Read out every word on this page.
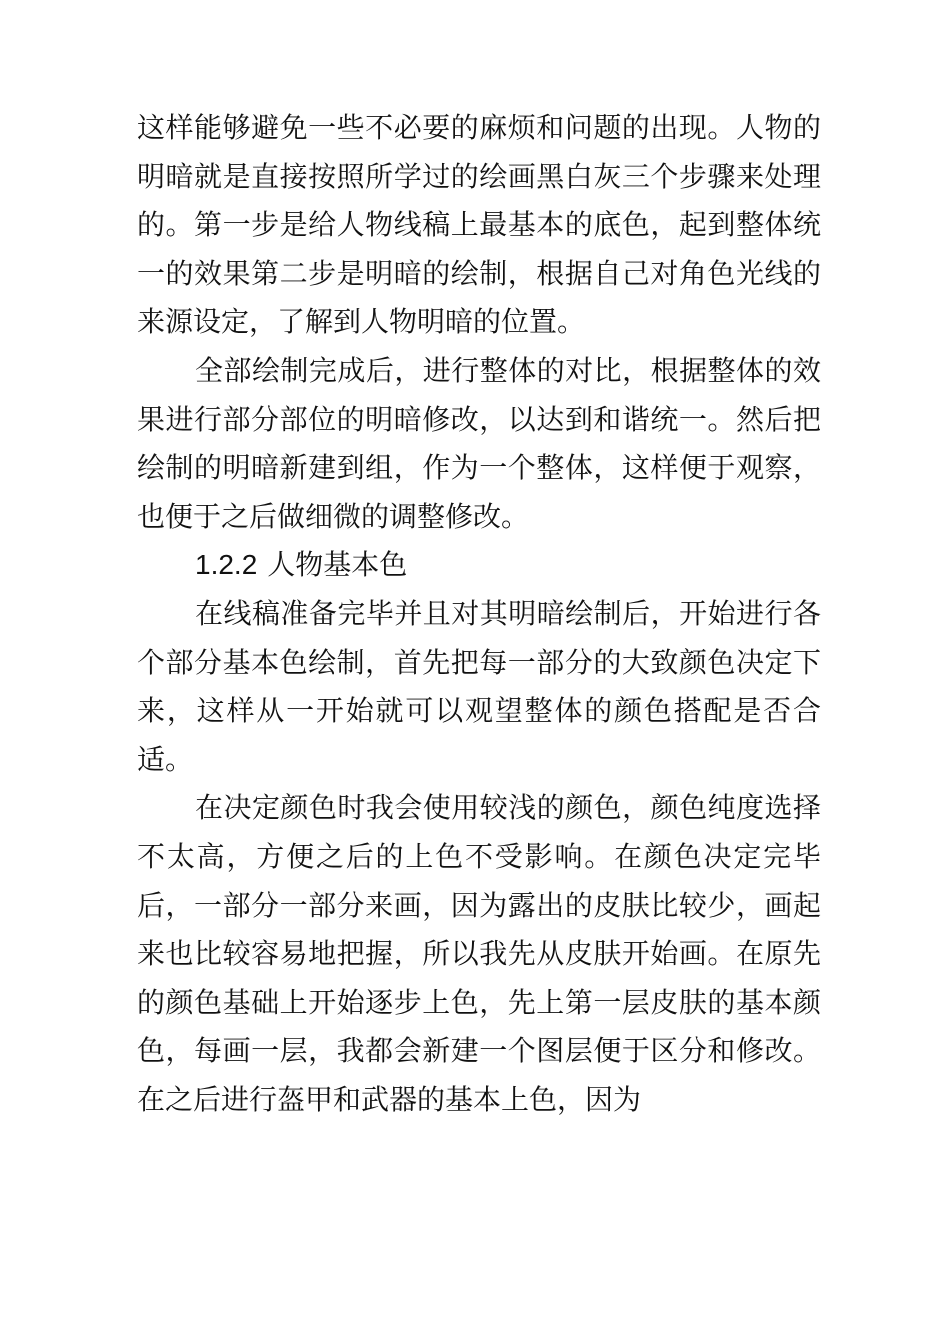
这样能够避免一些不必要的麻烦和问题的出现。人物的明暗就是直接按照所学过的绘画黑白灰三个步骤来处理的。第一步是给人物线稿上最基本的底色，起到整体统一的效果第二步是明暗的绘制，根据自己对角色光线的来源设定，了解到人物明暗的位置。

全部绘制完成后，进行整体的对比，根据整体的效果进行部分部位的明暗修改，以达到和谐统一。然后把绘制的明暗新建到组，作为一个整体，这样便于观察，也便于之后做细微的调整修改。

1.2.2 人物基本色

在线稿准备完毕并且对其明暗绘制后，开始进行各个部分基本色绘制，首先把每一部分的大致颜色决定下来，这样从一开始就可以观望整体的颜色搭配是否合适。

在决定颜色时我会使用较浅的颜色，颜色纯度选择不太高，方便之后的上色不受影响。在颜色决定完毕后，一部分一部分来画，因为露出的皮肤比较少，画起来也比较容易地把握，所以我先从皮肤开始画。在原先的颜色基础上开始逐步上色，先上第一层皮肤的基本颜色，每画一层，我都会新建一个图层便于区分和修改。在之后进行盔甲和武器的基本上色，因为
